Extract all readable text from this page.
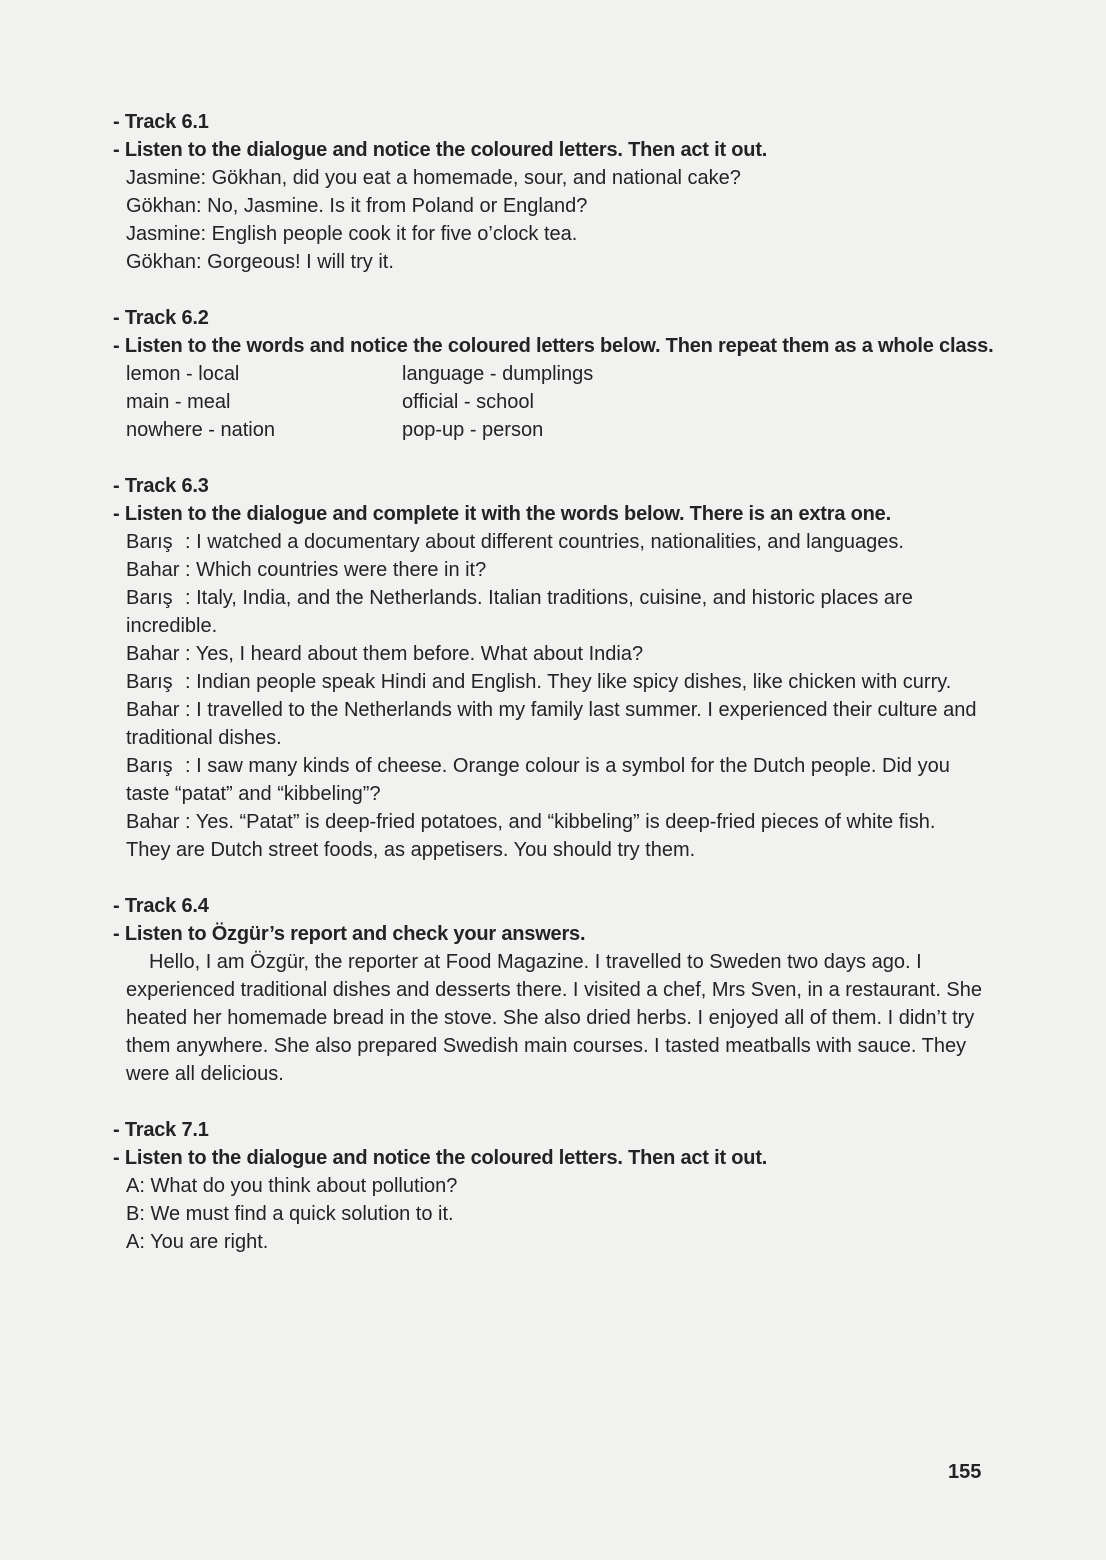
- Track 6.1
- Listen to the dialogue and notice the coloured letters. Then act it out.
Jasmine: Gökhan, did you eat a homemade, sour, and national cake?
Gökhan: No, Jasmine. Is it from Poland or England?
Jasmine: English people cook it for five o’clock tea.
Gökhan: Gorgeous! I will try it.
- Track 6.2
- Listen to the words and notice the coloured letters below. Then repeat them as a whole class.
lemon - local	language - dumplings
main - meal	official - school
nowhere - nation	pop-up - person
- Track 6.3
- Listen to the dialogue and complete it with the words below. There is an extra one.
Barış : I watched a documentary about different countries, nationalities, and languages.
Bahar : Which countries were there in it?
Barış : Italy, India, and the Netherlands. Italian traditions, cuisine, and historic places are
incredible.
Bahar : Yes, I heard about them before. What about India?
Barış : Indian people speak Hindi and English. They like spicy dishes, like chicken with curry.
Bahar : I travelled to the Netherlands with my family last summer. I experienced their culture and
traditional dishes.
Barış : I saw many kinds of cheese. Orange colour is a symbol for the Dutch people. Did you
taste “patat” and “kibbeling”?
Bahar : Yes. “Patat” is deep-fried potatoes, and “kibbeling” is deep-fried pieces of white fish.
They are Dutch street foods, as appetisers. You should try them.
- Track 6.4
- Listen to Özgür’s report and check your answers.
Hello, I am Özgür, the reporter at Food Magazine. I travelled to Sweden two days ago. I
experienced traditional dishes and desserts there. I visited a chef, Mrs Sven, in a restaurant. She
heated her homemade bread in the stove. She also dried herbs. I enjoyed all of them. I didn’t try
them anywhere. She also prepared Swedish main courses. I tasted meatballs with sauce. They
were all delicious.
- Track 7.1
- Listen to the dialogue and notice the coloured letters. Then act it out.
A: What do you think about pollution?
B: We must find a quick solution to it.
A: You are right.
155
